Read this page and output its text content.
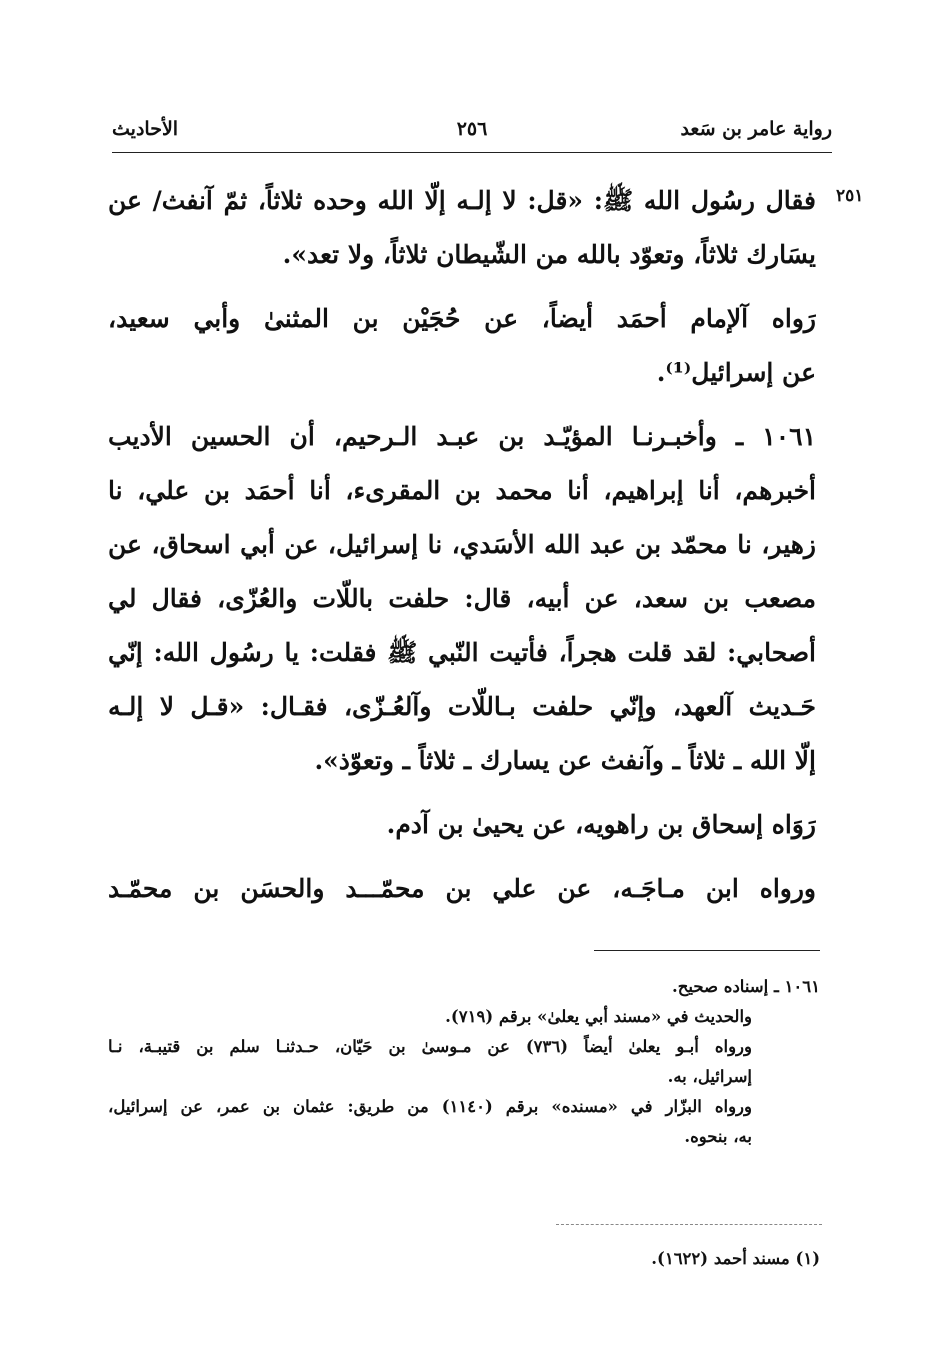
رواية عامر بن سَعد
٢٥٦
الأحاديث
٢٥١
فقال رسُول الله ﷺ: «قل: لا إلـه إلّا الله وحده ثلاثاً، ثمّ آنفث/ عن
يسَارك ثلاثاً، وتعوّد بالله من الشّيطان ثلاثاً، ولا تعد».
رَواه آلإمام أحمَد أيضاً، عن حُجَيْن بن المثنىٰ وأبي سعيد،
عن إسرائيل⁽¹⁾.
١٠٦١ ـ وأخبـرنـا المؤيّـد بن عبـد الـرحيم، أن الحسين الأديب
أخبرهم، أنا إبراهيم، أنا محمد بن المقرىء، أنا أحمَد بن علي، نا
زهير، نا محمّد بن عبد الله الأسَدي، نا إسرائيل، عن أبي اسحاق، عن
مصعب بن سعد، عن أبيه، قال: حلفت باللّات والعُزّى، فقال لي
أصحابي: لقد قلت هجراً، فأتيت النّبي ﷺ فقلت: يا رسُول الله: إنّي
حَـديث آلعهد، وإنّي حلفت بـاللّات وآلعُـزّى، فقـال: «قـل لا إلـه
إلّا الله ـ ثلاثاً ـ وآنفث عن يسارك ـ ثلاثاً ـ وتعوّذ».
رَوَاه إسحاق بن راهويه، عن يحيىٰ بن آدم.
ورواه ابن مـاجَـه، عن علي بن محمّـــد والحسَن بن محمّـد
١٠٦١ ـ إسناده صحيح.
والحديث في «مسند أبي يعلىٰ» برقم (٧١٩).
ورواه أبـو يعلىٰ أيضاً (٧٣٦) عن مـوسىٰ بن حَيّان، حـدثنـا سلم بن قتيبـة، نـا
إسرائيل، به.
ورواه البزّار في «مسنده» برقم (١١٤٠) من طريق: عثمان بن عمر، عن إسرائيل،
به، بنحوه.
(١) مسند أحمد (١٦٢٢).
